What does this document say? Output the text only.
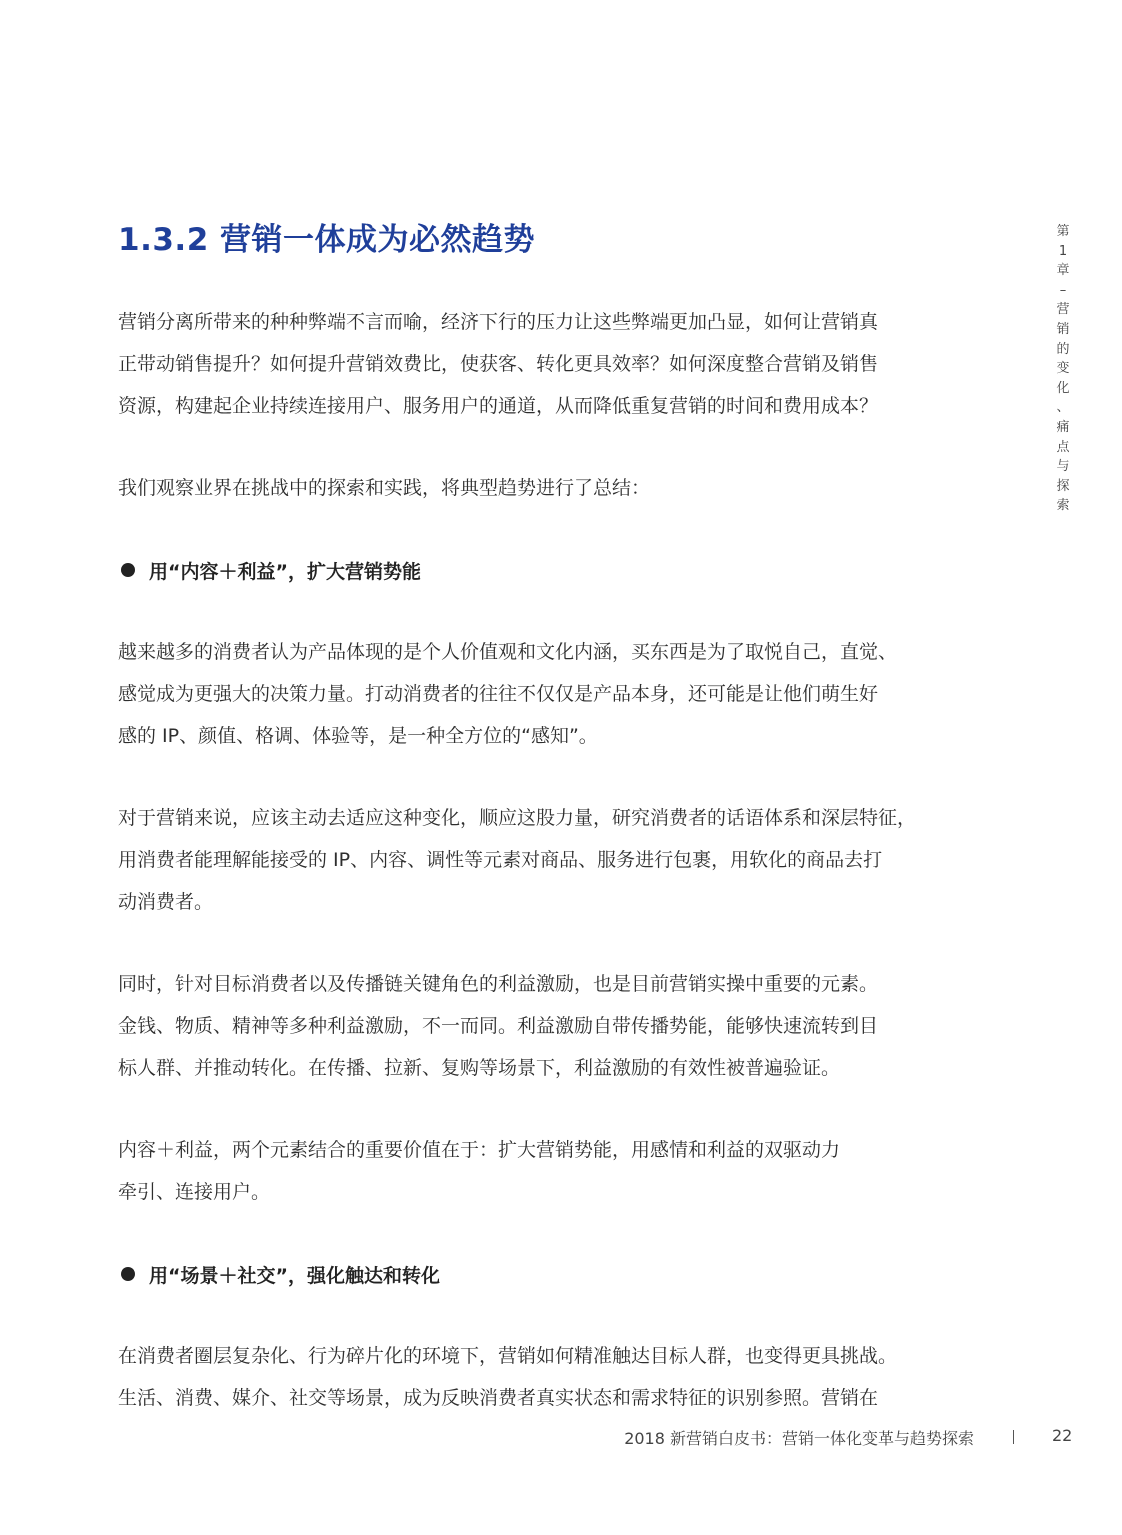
1.3.2 营销一体成为必然趋势	第
1
章
–
营
销
的
变
化
、
痛
点
与
探
索
营销分离所带来的种种弊端不言而喻，经济下行的压力让这些弊端更加凸显，如何让营销真
正带动销售提升？如何提升营销效费比，使获客、转化更具效率？如何深度整合营销及销售
资源，构建起企业持续连接用户、服务用户的通道，从而降低重复营销的时间和费用成本？
我们观察业界在挑战中的探索和实践，将典型趋势进行了总结：
用“内容＋利益”，扩大营销势能
越来越多的消费者认为产品体现的是个人价值观和文化内涵，买东西是为了取悦自己，直觉、
感觉成为更强大的决策力量。打动消费者的往往不仅仅是产品本身，还可能是让他们萌生好
感的 IP、颜值、格调、体验等，是一种全方位的“感知”。
对于营销来说，应该主动去适应这种变化，顺应这股力量，研究消费者的话语体系和深层特征，
用消费者能理解能接受的 IP、内容、调性等元素对商品、服务进行包裹，用软化的商品去打
动消费者。
同时，针对目标消费者以及传播链关键角色的利益激励，也是目前营销实操中重要的元素。
金钱、物质、精神等多种利益激励，不一而同。利益激励自带传播势能，能够快速流转到目
标人群、并推动转化。在传播、拉新、复购等场景下，利益激励的有效性被普遍验证。
内容＋利益，两个元素结合的重要价值在于：扩大营销势能，用感情和利益的双驱动力
牵引、连接用户。
用“场景＋社交”，强化触达和转化
在消费者圈层复杂化、行为碎片化的环境下，营销如何精准触达目标人群，也变得更具挑战。
生活、消费、媒介、社交等场景，成为反映消费者真实状态和需求特征的识别参照。营销在
2018 新营销白皮书：营销一体化变革与趋势探索	22
